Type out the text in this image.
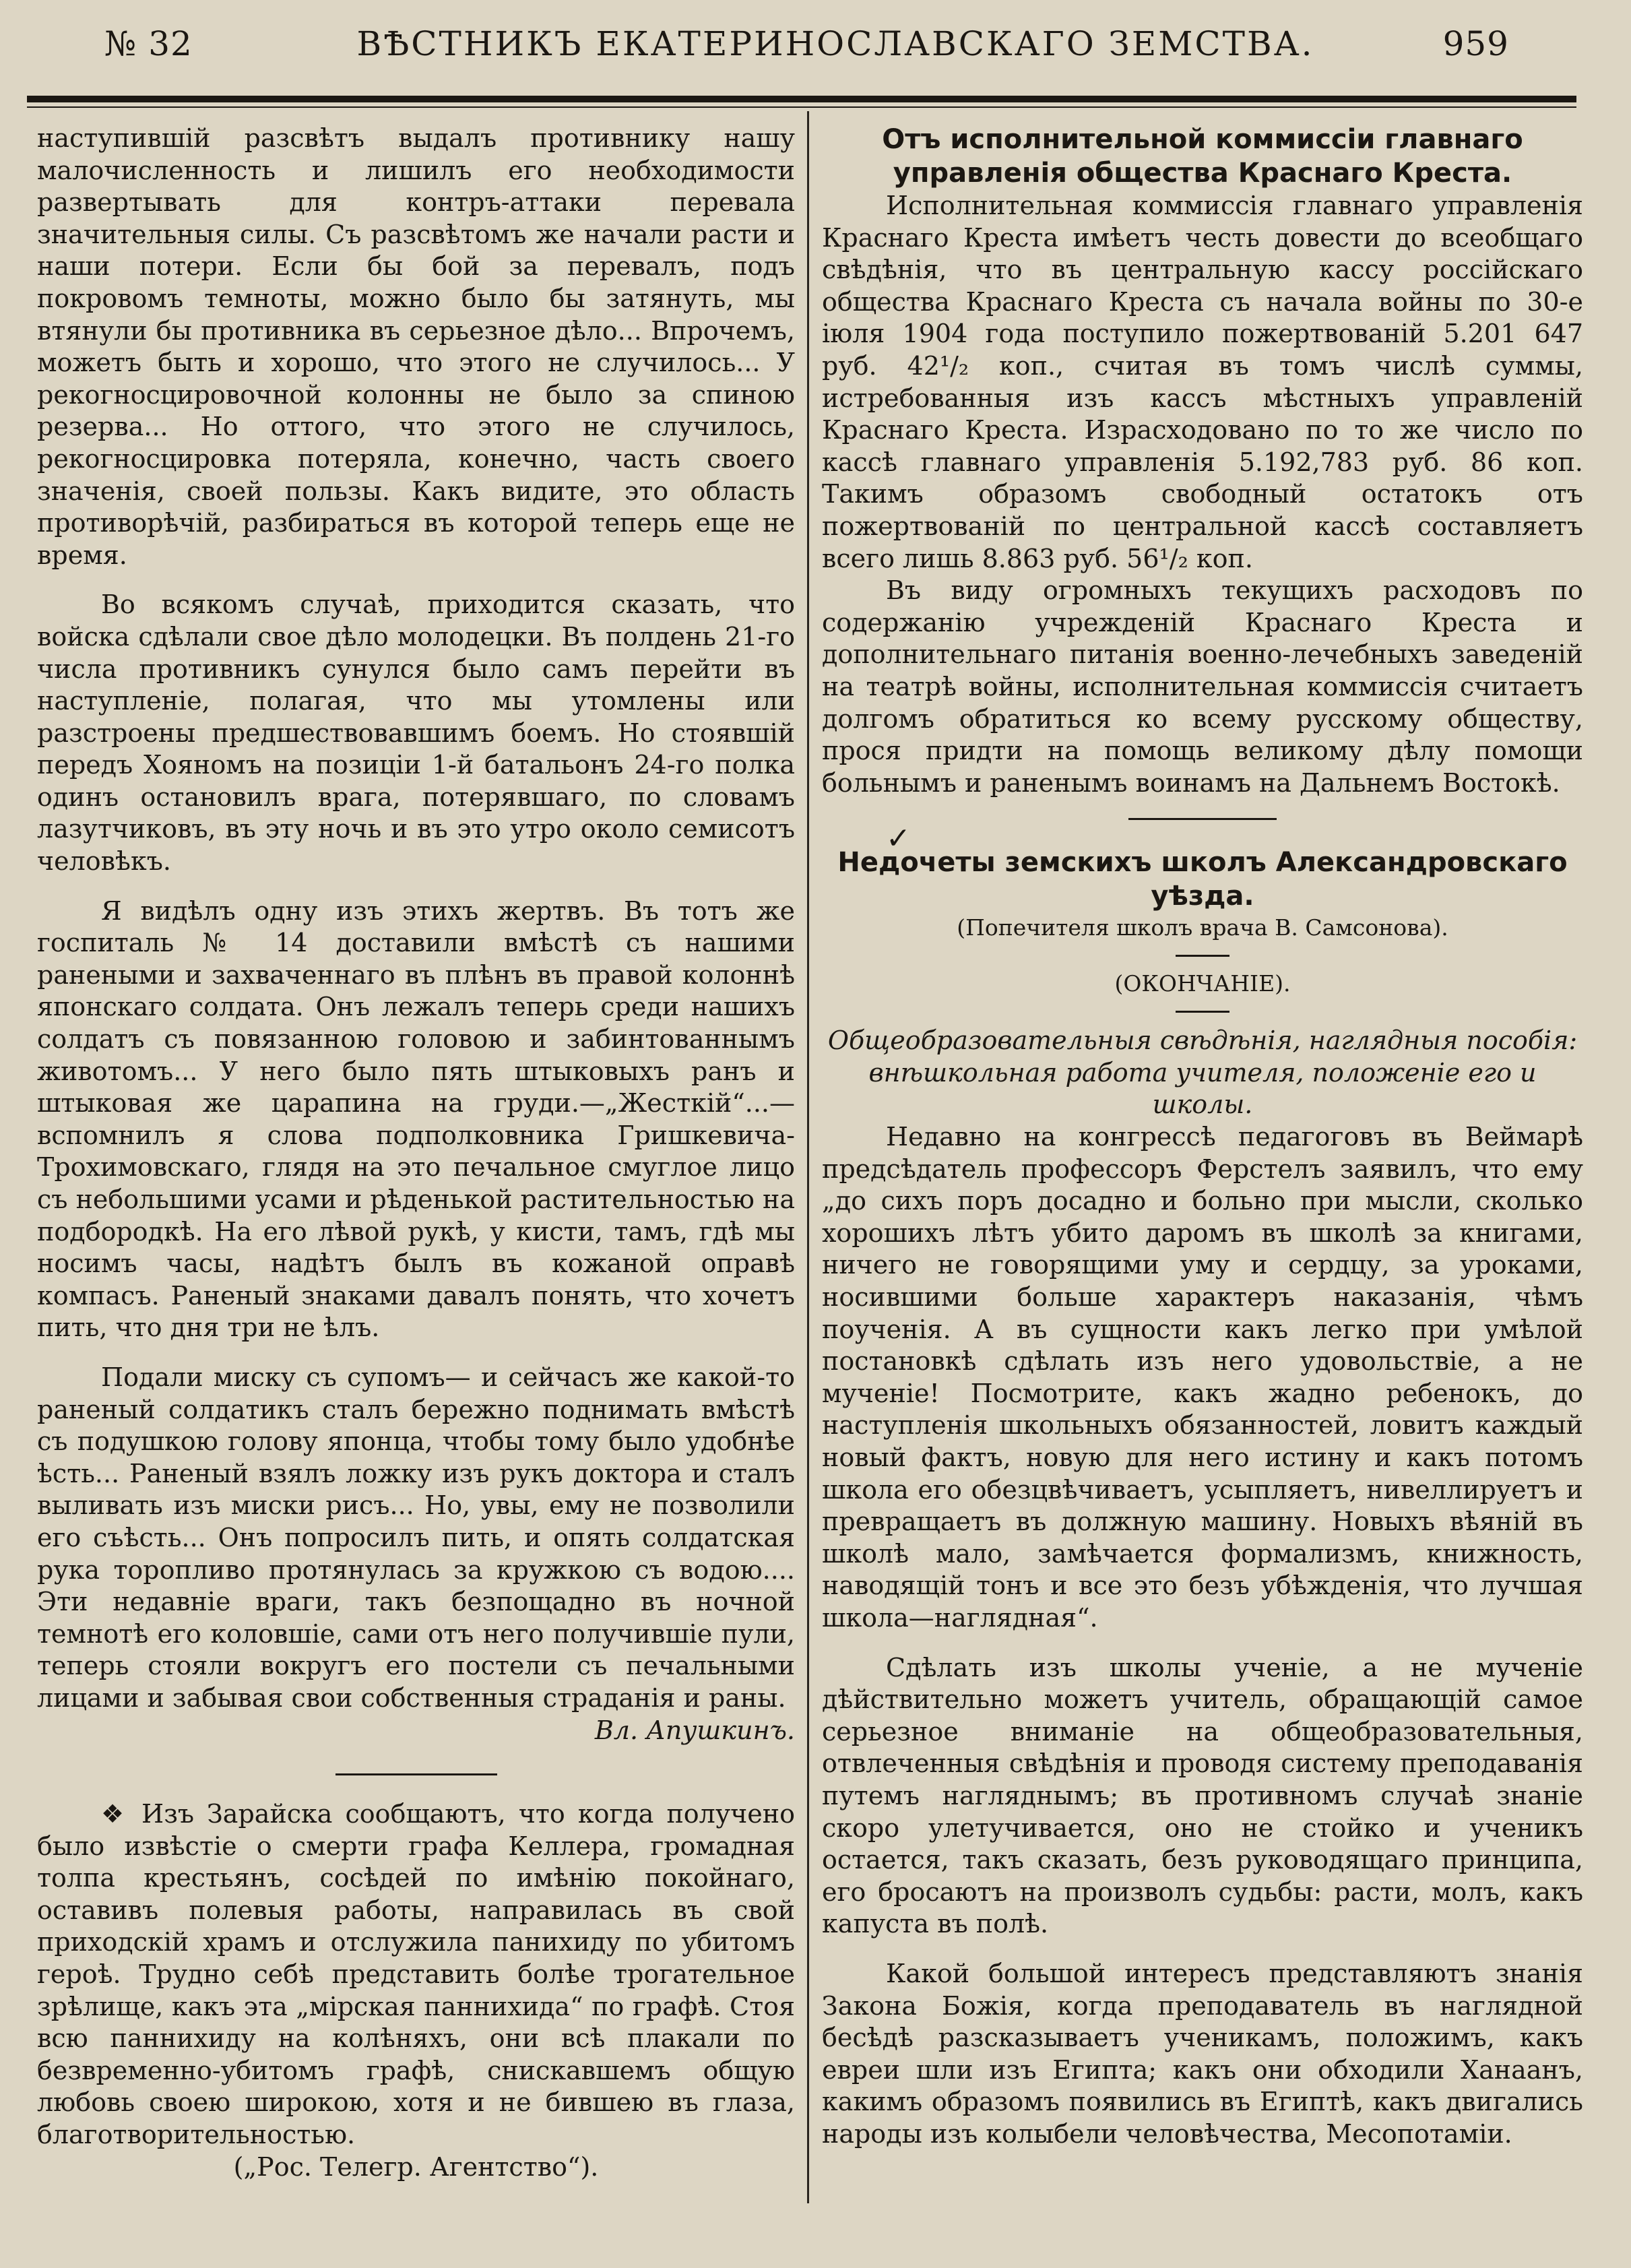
№ 32	ВѢСТНИКЪ ЕКАТЕРИНОСЛАВСКАГО ЗЕМСТВА.	959

наступившій разсвѣтъ выдалъ противнику нашу малочисленность и лишилъ его необходимости развертывать для контръ-аттаки перевала значительныя силы. Съ разсвѣтомъ же начали расти и наши потери. Если бы бой за перевалъ, подъ покровомъ темноты, можно было бы затянуть, мы втянули бы противника въ серьезное дѣло... Впрочемъ, можетъ быть и хорошо, что этого не случилось... У рекогносцировочной колонны не было за спиною резерва... Но оттого, что этого не случилось, рекогносцировка потеряла, конечно, часть своего значенія, своей пользы. Какъ видите, это область противорѣчій, разбираться въ которой теперь еще не время.

Во всякомъ случаѣ, приходится сказать, что войска сдѣлали свое дѣло молодецки. Въ полдень 21-го числа противникъ сунулся было самъ перейти въ наступленіе, полагая, что мы утомлены или разстроены предшествовавшимъ боемъ. Но стоявшій передъ Хояномъ на позиціи 1-й батальонъ 24-го полка одинъ остановилъ врага, потерявшаго, по словамъ лазутчиковъ, въ эту ночь и въ это утро около семисотъ человѣкъ.

Я видѣлъ одну изъ этихъ жертвъ. Въ тотъ же госпиталь № 14 доставили вмѣстѣ съ нашими ранеными и захваченнаго въ плѣнъ въ правой колоннѣ японскаго солдата. Онъ лежалъ теперь среди нашихъ солдатъ съ повязанною головою и забинтованнымъ животомъ... У него было пять штыковыхъ ранъ и штыковая же царапина на груди.—„Жесткій“...—вспомнилъ я слова подполковника Гришкевича-Трохимовскаго, глядя на это печальное смуглое лицо съ небольшими усами и рѣденькой растительностью на подбородкѣ. На его лѣвой рукѣ, у кисти, тамъ, гдѣ мы носимъ часы, надѣтъ былъ въ кожаной оправѣ компасъ. Раненый знаками давалъ понять, что хочетъ пить, что дня три не ѣлъ.

Подали миску съ супомъ— и сейчасъ же какой-то раненый солдатикъ сталъ бережно поднимать вмѣстѣ съ подушкою голову японца, чтобы тому было удобнѣе ѣсть... Раненый взялъ ложку изъ рукъ доктора и сталъ выливать изъ миски рисъ... Но, увы, ему не позволили его съѣсть... Онъ попросилъ пить, и опять солдатская рука торопливо протянулась за кружкою съ водою.... Эти недавніе враги, такъ безпощадно въ ночной темнотѣ его коловшіе, сами отъ него получившіе пули, теперь стояли вокругъ его постели съ печальными лицами и забывая свои собственныя страданія и раны.

Вл. Апушкинъ.

❖ Изъ Зарайска сообщаютъ, что когда получено было извѣстіе о смерти графа Келлера, громадная толпа крестьянъ, сосѣдей по имѣнію покойнаго, оставивъ полевыя работы, направилась въ свой приходскій храмъ и отслужила панихиду по убитомъ героѣ. Трудно себѣ представить болѣе трогательное зрѣлище, какъ эта „мірская паннихида“ по графѣ. Стоя всю паннихиду на колѣняхъ, они всѣ плакали по безвременно-убитомъ графѣ, снискавшемъ общую любовь своею широкою, хотя и не бившею въ глаза, благотворительностью.

(„Рос. Телегр. Агентство“).

Отъ исполнительной коммиссіи главнаго управленія общества Краснаго Креста.

Исполнительная коммиссія главнаго управленія Краснаго Креста имѣетъ честь довести до всеобщаго свѣдѣнія, что въ центральную кассу россійскаго общества Краснаго Креста съ начала войны по 30-е іюля 1904 года поступило пожертвованій 5.201 647 руб. 42¹/₂ коп., считая въ томъ числѣ суммы, истребованныя изъ кассъ мѣстныхъ управленій Краснаго Креста. Израсходовано по то же число по кассѣ главнаго управленія 5.192,783 руб. 86 коп. Такимъ образомъ свободный остатокъ отъ пожертвованій по центральной кассѣ составляетъ всего лишь 8.863 руб. 56¹/₂ коп.

Въ виду огромныхъ текущихъ расходовъ по содержанію учрежденій Краснаго Креста и дополнительнаго питанія военно-лечебныхъ заведеній на театрѣ войны, исполнительная коммиссія считаетъ долгомъ обратиться ко всему русскому обществу, прося придти на помощь великому дѣлу помощи больнымъ и раненымъ воинамъ на Дальнемъ Востокѣ.

✓

Недочеты земскихъ школъ Александровскаго уѣзда.

(Попечителя школъ врача В. Самсонова).

(ОКОНЧАНІЕ).

Общеобразовательныя свѣдѣнія, наглядныя пособія: внѣшкольная работа учителя, положеніе его и школы.

Недавно на конгрессѣ педагоговъ въ Веймарѣ предсѣдатель профессоръ Ферстелъ заявилъ, что ему „до сихъ поръ досадно и больно при мысли, сколько хорошихъ лѣтъ убито даромъ въ школѣ за книгами, ничего не говорящими уму и сердцу, за уроками, носившими больше характеръ наказанія, чѣмъ поученія. А въ сущности какъ легко при умѣлой постановкѣ сдѣлать изъ него удовольствіе, а не мученіе! Посмотрите, какъ жадно ребенокъ, до наступленія школьныхъ обязанностей, ловитъ каждый новый фактъ, новую для него истину и какъ потомъ школа его обезцвѣчиваетъ, усыпляетъ, нивеллируетъ и превращаетъ въ должную машину. Новыхъ вѣяній въ школѣ мало, замѣчается формализмъ, книжность, наводящій тонъ и все это безъ убѣжденія, что лучшая школа—наглядная“.

Сдѣлать изъ школы ученіе, а не мученіе дѣйствительно можетъ учитель, обращающій самое серьезное вниманіе на общеобразовательныя, отвлеченныя свѣдѣнія и проводя систему преподаванія путемъ нагляднымъ; въ противномъ случаѣ знаніе скоро улетучивается, оно не стойко и ученикъ остается, такъ сказать, безъ руководящаго принципа, его бросаютъ на произволъ судьбы: расти, молъ, какъ капуста въ полѣ.

Какой большой интересъ представляютъ знанія Закона Божія, когда преподаватель въ наглядной бесѣдѣ разсказываетъ ученикамъ, положимъ, какъ евреи шли изъ Египта; какъ они обходили Ханаанъ, какимъ образомъ появились въ Египтѣ, какъ двигались народы изъ колыбели человѣчества, Месопотаміи.
